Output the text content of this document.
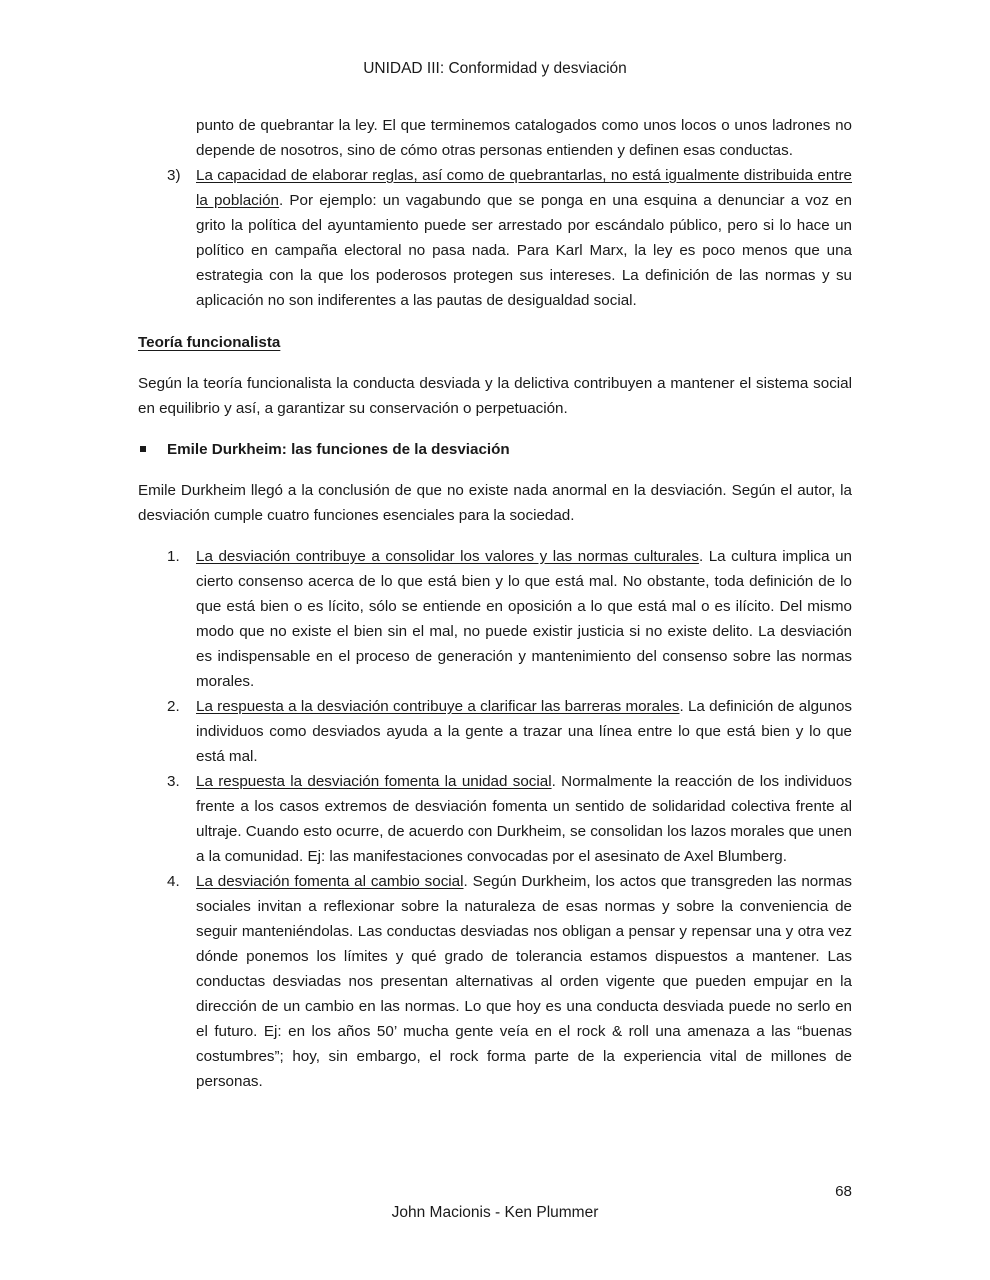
UNIDAD III: Conformidad y desviación

punto de quebrantar la ley. El que terminemos catalogados como unos locos o unos ladrones no depende de nosotros, sino de cómo otras personas entienden y definen esas conductas.

3) La capacidad de elaborar reglas, así como de quebrantarlas, no está igualmente distribuida entre la población. Por ejemplo: un vagabundo que se ponga en una esquina a denunciar a voz en grito la política del ayuntamiento puede ser arrestado por escándalo público, pero si lo hace un político en campaña electoral no pasa nada. Para Karl Marx, la ley es poco menos que una estrategia con la que los poderosos protegen sus intereses. La definición de las normas y su aplicación no son indiferentes a las pautas de desigualdad social.

Teoría funcionalista

Según la teoría funcionalista la conducta desviada y la delictiva contribuyen a mantener el sistema social en equilibrio y así, a garantizar su conservación o perpetuación.

Emile Durkheim: las funciones de la desviación

Emile Durkheim llegó a la conclusión de que no existe nada anormal en la desviación. Según el autor, la desviación cumple cuatro funciones esenciales para la sociedad.

1. La desviación contribuye a consolidar los valores y las normas culturales. La cultura implica un cierto consenso acerca de lo que está bien y lo que está mal. No obstante, toda definición de lo que está bien o es lícito, sólo se entiende en oposición a lo que está mal o es ilícito. Del mismo modo que no existe el bien sin el mal, no puede existir justicia si no existe delito. La desviación es indispensable en el proceso de generación y mantenimiento del consenso sobre las normas morales.
2. La respuesta a la desviación contribuye a clarificar las barreras morales. La definición de algunos individuos como desviados ayuda a la gente a trazar una línea entre lo que está bien y lo que está mal.
3. La respuesta la desviación fomenta la unidad social. Normalmente la reacción de los individuos frente a los casos extremos de desviación fomenta un sentido de solidaridad colectiva frente al ultraje. Cuando esto ocurre, de acuerdo con Durkheim, se consolidan los lazos morales que unen a la comunidad. Ej: las manifestaciones convocadas por el asesinato de Axel Blumberg.
4. La desviación fomenta al cambio social. Según Durkheim, los actos que transgreden las normas sociales invitan a reflexionar sobre la naturaleza de esas normas y sobre la conveniencia de seguir manteniéndolas. Las conductas desviadas nos obligan a pensar y repensar una y otra vez dónde ponemos los límites y qué grado de tolerancia estamos dispuestos a mantener. Las conductas desviadas nos presentan alternativas al orden vigente que pueden empujar en la dirección de un cambio en las normas. Lo que hoy es una conducta desviada puede no serlo en el futuro. Ej: en los años 50’ mucha gente veía en el rock & roll una amenaza a las “buenas costumbres”; hoy, sin embargo, el rock forma parte de la experiencia vital de millones de personas.
68
John Macionis - Ken Plummer
